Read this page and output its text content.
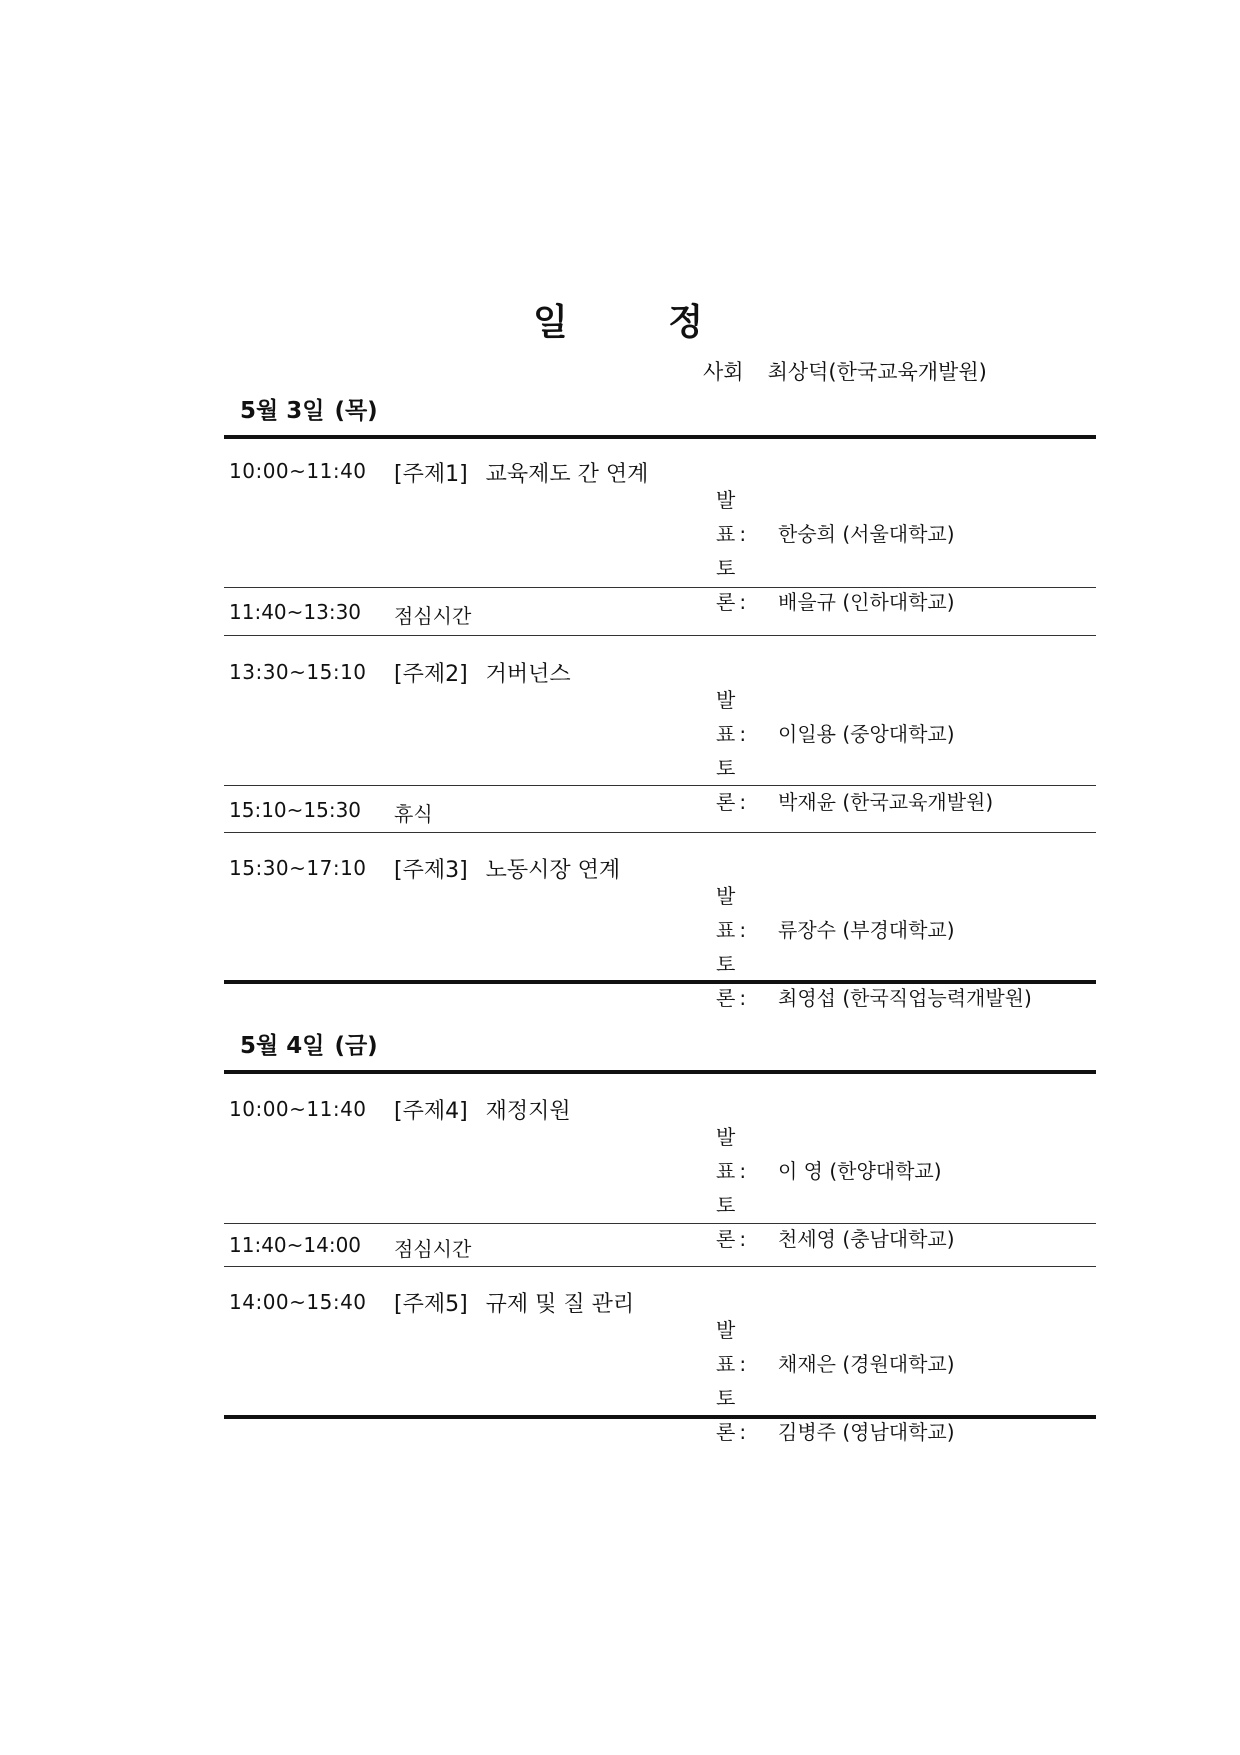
일 정
사회 최상덕(한국교육개발원)
5월 3일 (목)
10:00~11:40 [주제1] 교육제도 간 연계
발 표: 한숭희 (서울대학교)
토 론: 배을규 (인하대학교)
11:40~13:30 점심시간
13:30~15:10 [주제2] 거버넌스
발 표: 이일용 (중앙대학교)
토 론: 박재윤 (한국교육개발원)
15:10~15:30 휴식
15:30~17:10 [주제3] 노동시장 연계
발 표: 류장수 (부경대학교)
토 론: 최영섭 (한국직업능력개발원)
5월 4일 (금)
10:00~11:40 [주제4] 재정지원
발 표: 이 영 (한양대학교)
토 론: 천세영 (충남대학교)
11:40~14:00 점심시간
14:00~15:40 [주제5] 규제 및 질 관리
발 표: 채재은 (경원대학교)
토 론: 김병주 (영남대학교)
